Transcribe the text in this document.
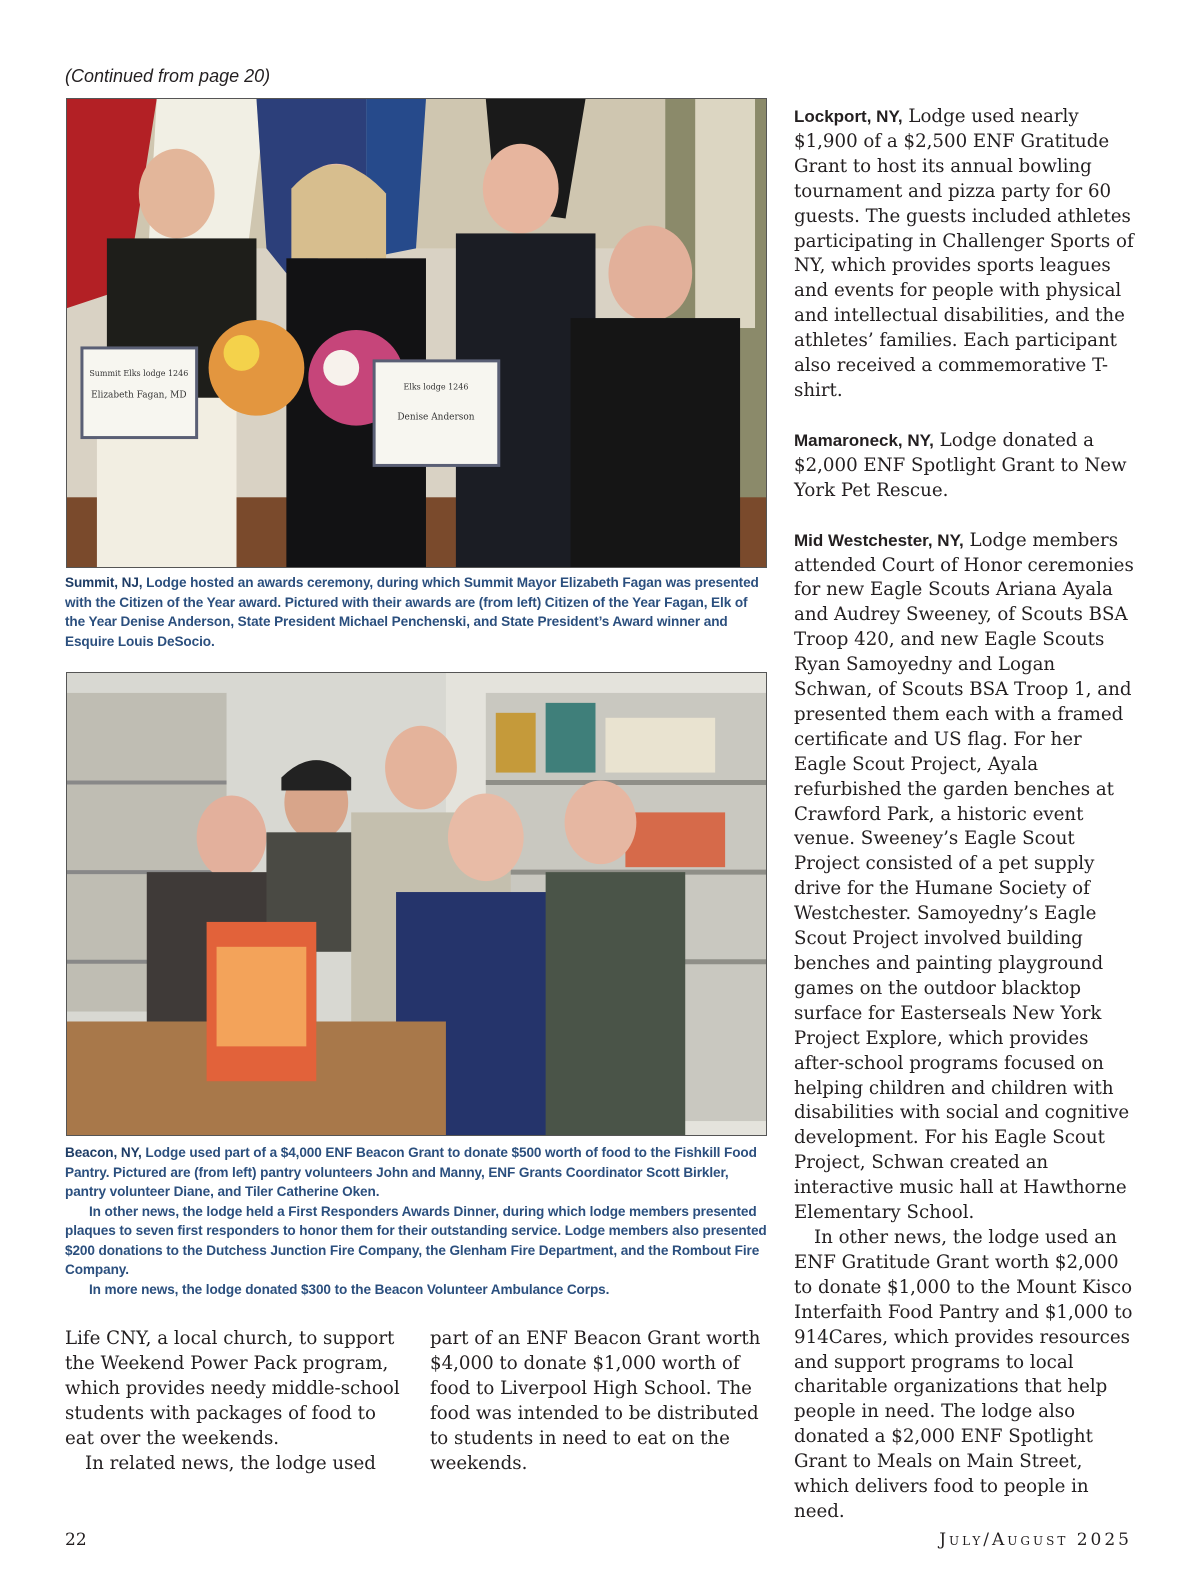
(Continued from page 20)
Summit Elks lodge 1246
Elizabeth Fagan, MD
Elks lodge 1246
Denise Anderson

Summit, NJ, Lodge hosted an awards ceremony, during which Summit Mayor Elizabeth Fagan was presented with the Citizen of the Year award. Pictured with their awards are (from left) Citizen of the Year Fagan, Elk of the Year Denise Anderson, State President Michael Penchenski, and State President’s Award winner and Esquire Louis DeSocio.

Beacon, NY, Lodge used part of a $4,000 ENF Beacon Grant to donate $500 worth of food to the Fishkill Food Pantry. Pictured are (from left) pantry volunteers John and Manny, ENF Grants Coordinator Scott Birkler, pantry volunteer Diane, and Tiler Catherine Oken.

In other news, the lodge held a First Responders Awards Dinner, during which lodge members presented plaques to seven first responders to honor them for their outstanding service. Lodge members also presented $200 donations to the Dutchess Junction Fire Company, the Glenham Fire Department, and the Rombout Fire Company.

In more news, the lodge donated $300 to the Beacon Volunteer Ambulance Corps.

Lockport, NY, Lodge used nearly $1,900 of a $2,500 ENF Gratitude Grant to host its annual bowling tournament and pizza party for 60 guests. The guests included athletes participating in Challenger Sports of NY, which provides sports leagues and events for people with physical and intellectual disabilities, and the athletes’ families. Each participant also received a commemorative T-shirt.

Mamaroneck, NY, Lodge donated a $2,000 ENF Spotlight Grant to New York Pet Rescue.

Mid Westchester, NY, Lodge members attended Court of Honor ceremonies for new Eagle Scouts Ariana Ayala and Audrey Sweeney, of Scouts BSA Troop 420, and new Eagle Scouts Ryan Samoyedny and Logan Schwan, of Scouts BSA Troop 1, and presented them each with a framed certificate and US flag. For her Eagle Scout Project, Ayala refurbished the garden benches at Crawford Park, a historic event venue. Sweeney’s Eagle Scout Project consisted of a pet supply drive for the Humane Society of Westchester. Samoyedny’s Eagle Scout Project involved building benches and painting playground games on the outdoor blacktop surface for Easterseals New York Project Explore, which provides after-school programs focused on helping children and children with disabilities with social and cognitive development. For his Eagle Scout Project, Schwan created an interactive music hall at Hawthorne Elementary School.

In other news, the lodge used an ENF Gratitude Grant worth $2,000 to donate $1,000 to the Mount Kisco Interfaith Food Pantry and $1,000 to 914Cares, which provides resources and support programs to local charitable organizations that help people in need. The lodge also donated a $2,000 ENF Spotlight Grant to Meals on Main Street, which delivers food to people in need.

Life CNY, a local church, to support the Weekend Power Pack program, which provides needy middle-school students with packages of food to eat over the weekends.

In related news, the lodge used

part of an ENF Beacon Grant worth $4,000 to donate $1,000 worth of food to Liverpool High School. The food was intended to be distributed to students in need to eat on the weekends.

22	July/August 2025
